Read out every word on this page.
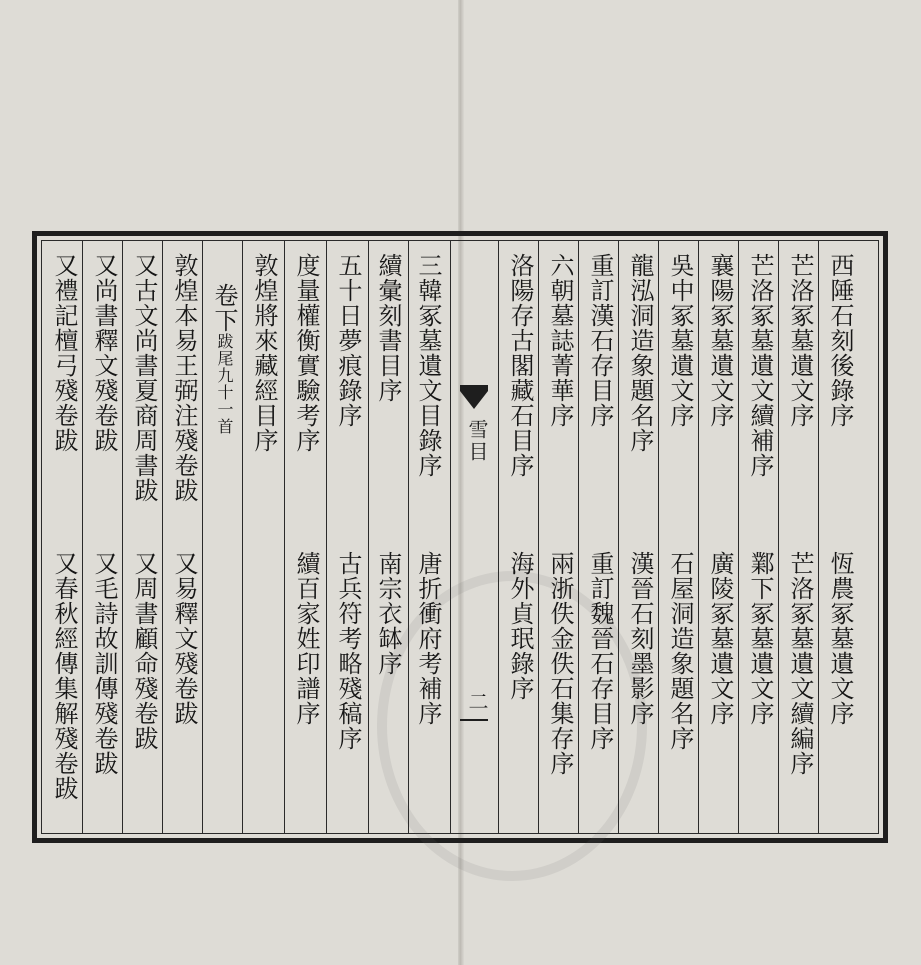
雪目
二
西陲石刻後錄序
恆農冢墓遺文序
芒洛冢墓遺文序
芒洛冢墓遺文續編序
芒洛冢墓遺文續補序
鄴下冢墓遺文序
襄陽冢墓遺文序
廣陵冢墓遺文序
吳中冢墓遺文序
石屋洞造象題名序
龍泓洞造象題名序
漢晉石刻墨影序
重訂漢石存目序
重訂魏晉石存目序
六朝墓誌菁華序
兩浙佚金佚石集存序
洛陽存古閣藏石目序
海外貞珉錄序
三韓冢墓遺文目錄序
唐折衝府考補序
續彙刻書目序
南宗衣缽序
五十日夢痕錄序
古兵符考略殘稿序
度量權衡實驗考序
續百家姓印譜序
敦煌將來藏經目序
卷下跋尾九十一首
敦煌本易王弼注殘卷跋
又易釋文殘卷跋
又古文尚書夏商周書跋
又周書顧命殘卷跋
又尚書釋文殘卷跋
又毛詩故訓傳殘卷跋
又禮記檀弓殘卷跋
又春秋經傳集解殘卷跋
